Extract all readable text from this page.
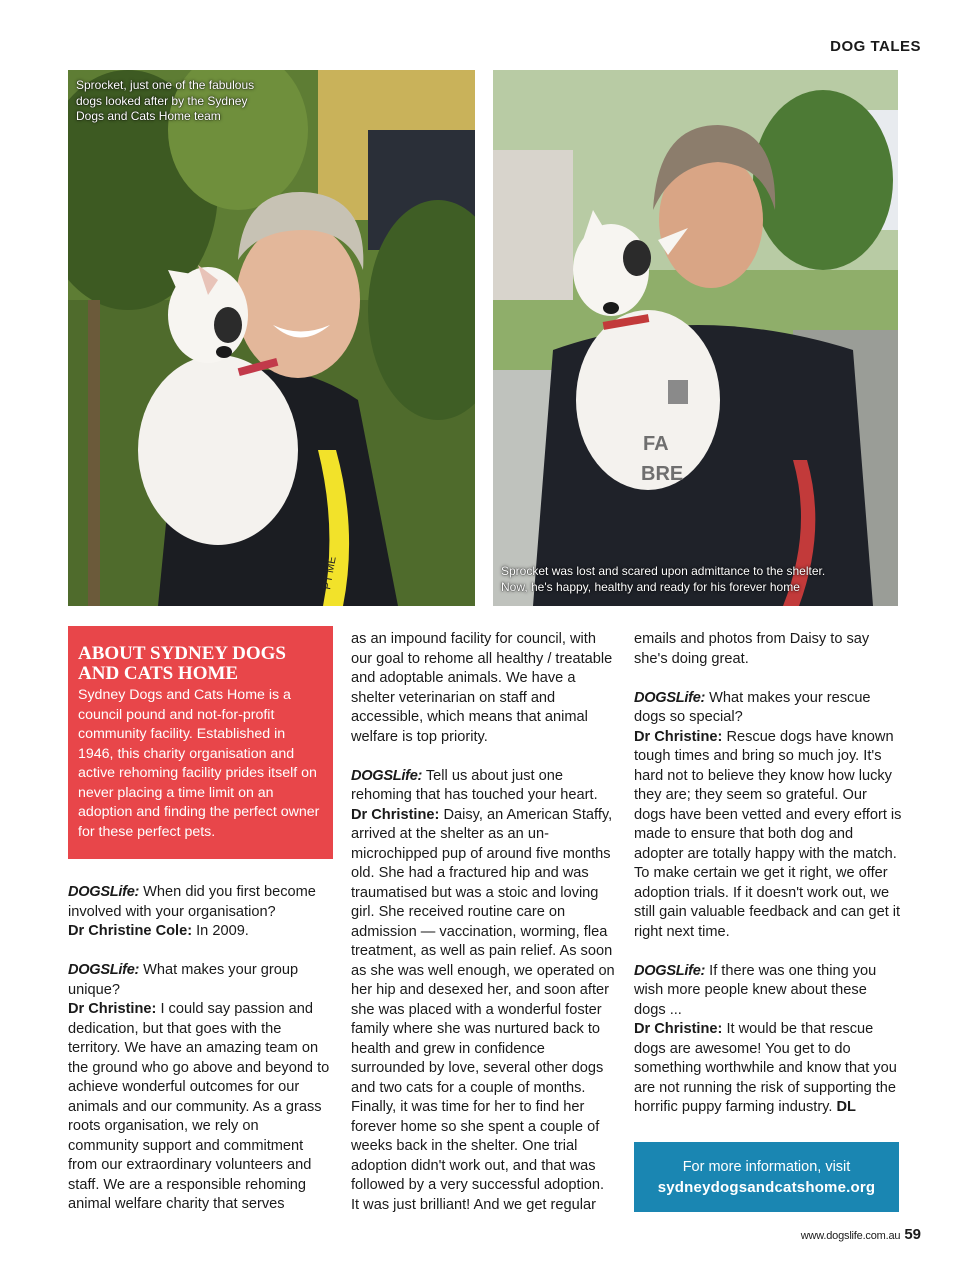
DOG TALES
PT ME
Sprocket, just one of the fabulous dogs looked after by the Sydney Dogs and Cats Home team
FA
BRE
Sprocket was lost and scared upon admittance to the shelter.
Now, he's happy, healthy and ready for his forever home
ABOUT SYDNEY DOGS AND CATS HOME

Sydney Dogs and Cats Home is a council pound and not-for-profit community facility. Established in 1946, this charity organisation and active rehoming facility prides itself on never placing a time limit on an adoption and finding the perfect owner for these perfect pets.

DOGSLife: When did you first become involved with your organisation?
Dr Christine Cole: In 2009.

DOGSLife: What makes your group unique?
Dr Christine: I could say passion and dedication, but that goes with the territory. We have an amazing team on the ground who go above and beyond to achieve wonderful outcomes for our animals and our community. As a grass roots organisation, we rely on community support and commitment from our extraordinary volunteers and staff. We are a responsible rehoming animal welfare charity that serves

as an impound facility for council, with our goal to rehome all healthy / treatable and adoptable animals. We have a shelter veterinarian on staff and accessible, which means that animal welfare is top priority.

DOGSLife: Tell us about just one rehoming that has touched your heart.
Dr Christine: Daisy, an American Staffy, arrived at the shelter as an un-microchipped pup of around five months old. She had a fractured hip and was traumatised but was a stoic and loving girl. She received routine care on admission — vaccination, worming, flea treatment, as well as pain relief. As soon as she was well enough, we operated on her hip and desexed her, and soon after she was placed with a wonderful foster family where she was nurtured back to health and grew in confidence surrounded by love, several other dogs and two cats for a couple of months. Finally, it was time for her to find her forever home so she spent a couple of weeks back in the shelter. One trial adoption didn't work out, and that was followed by a very successful adoption. It was just brilliant! And we get regular

emails and photos from Daisy to say she's doing great.

DOGSLife: What makes your rescue dogs so special?
Dr Christine: Rescue dogs have known tough times and bring so much joy. It's hard not to believe they know how lucky they are; they seem so grateful. Our dogs have been vetted and every effort is made to ensure that both dog and adopter are totally happy with the match. To make certain we get it right, we offer adoption trials. If it doesn't work out, we still gain valuable feedback and can get it right next time.

DOGSLife: If there was one thing you wish more people knew about these dogs ...
Dr Christine: It would be that rescue dogs are awesome! You get to do something worthwhile and know that you are not running the risk of supporting the horrific puppy farming industry. DL

For more information, visit
sydneydogsandcatshome.org
www.dogslife.com.au 59
